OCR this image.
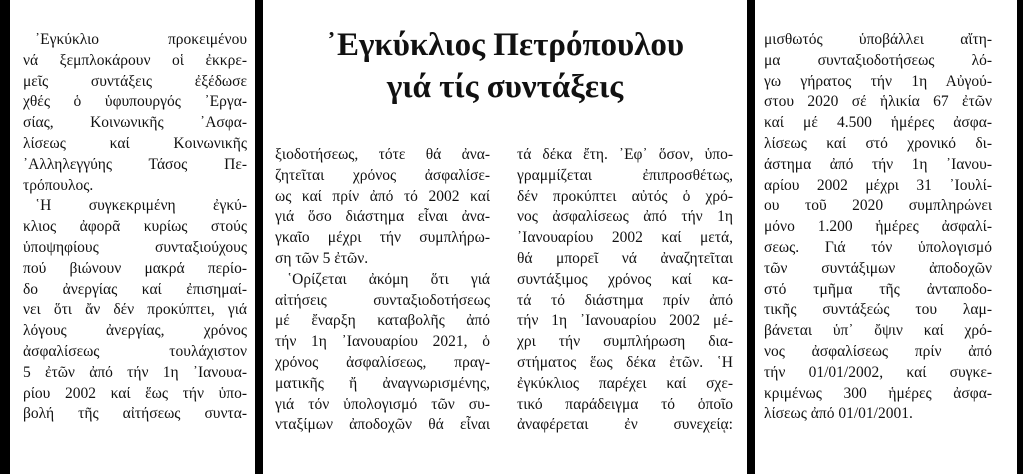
᾿Εγκύκλιος Πετρόπουλου
γιά τίς συντάξεις
᾿Εγκύκλιο προκειμένου
νά ξεμπλοκάρουν οἱ ἐκκρε-
μεῖς συντάξεις ἐξέδωσε
χθές ὁ ὑφυπουργός ᾿Εργα-
σίας, Κοινωνικῆς ᾿Ασφα-
λίσεως καί Κοινωνικῆς
᾿Αλληλεγγύης Τάσος Πε-
τρόπουλος.
῾Η συγκεκριμένη ἐγκύ-
κλιος ἀφορᾶ κυρίως στούς
ὑποψηφίους συνταξιούχους
πού βιώνουν μακρά περίο-
δο ἀνεργίας καί ἐπισημαί-
νει ὅτι ἄν δέν προκύπτει, γιά
λόγους ἀνεργίας, χρόνος
ἀσφαλίσεως τουλάχιστον
5 ἐτῶν ἀπό τήν 1η ᾿Ιανουα-
ρίου 2002 καί ἕως τήν ὑπο-
βολή τῆς αἰτήσεως συντα-
ξιοδοτήσεως, τότε θά ἀνα-
ζητεῖται χρόνος ἀσφαλίσε-
ως καί πρίν ἀπό τό 2002 καί
γιά ὅσο διάστημα εἶναι ἀνα-
γκαῖο μέχρι τήν συμπλήρω-
ση τῶν 5 ἐτῶν.
῾Ορίζεται ἀκόμη ὅτι γιά
αἰτήσεις συνταξιοδοτήσεως
μέ ἔναρξη καταβολῆς ἀπό
τήν 1η ᾿Ιανουαρίου 2021, ὁ
χρόνος ἀσφαλίσεως, πραγ-
ματικῆς ἤ ἀναγνωρισμένης,
γιά τόν ὑπολογισμό τῶν συ-
νταξίμων ἀποδοχῶν θά εἶναι
τά δέκα ἔτη. ᾿Εφ᾿ ὅσον, ὑπο-
γραμμίζεται ἐπιπροσθέτως,
δέν προκύπτει αὐτός ὁ χρό-
νος ἀσφαλίσεως ἀπό τήν 1η
᾿Ιανουαρίου 2002 καί μετά,
θά μπορεῖ νά ἀναζητεῖται
συντάξιμος χρόνος καί κα-
τά τό διάστημα πρίν ἀπό
τήν 1η ᾿Ιανουαρίου 2002 μέ-
χρι τήν συμπλήρωση δια-
στήματος ἕως δέκα ἐτῶν. ῾Η
ἐγκύκλιος παρέχει καί σχε-
τικό παράδειγμα τό ὁποῖο
ἀναφέρεται ἐν συνεχείᾳ:
μισθωτός ὑποβάλλει αἴτη-
μα συνταξιοδοτήσεως λό-
γω γήρατος τήν 1η Αὐγού-
στου 2020 σέ ἡλικία 67 ἐτῶν
καί μέ 4.500 ἡμέρες ἀσφα-
λίσεως καί στό χρονικό δι-
άστημα ἀπό τήν 1η ᾿Ιανου-
αρίου 2002 μέχρι 31 ᾿Ιουλί-
ου τοῦ 2020 συμπληρώνει
μόνο 1.200 ἡμέρες ἀσφαλί-
σεως. Γιά τόν ὑπολογισμό
τῶν συντάξιμων ἀποδοχῶν
στό τμῆμα τῆς ἀνταποδο-
τικῆς συντάξεώς του λαμ-
βάνεται ὑπ᾿ ὄψιν καί χρό-
νος ἀσφαλίσεως πρίν ἀπό
τήν 01/01/2002, καί συγκε-
κριμένως 300 ἡμέρες ἀσφα-
λίσεως ἀπό 01/01/2001.
